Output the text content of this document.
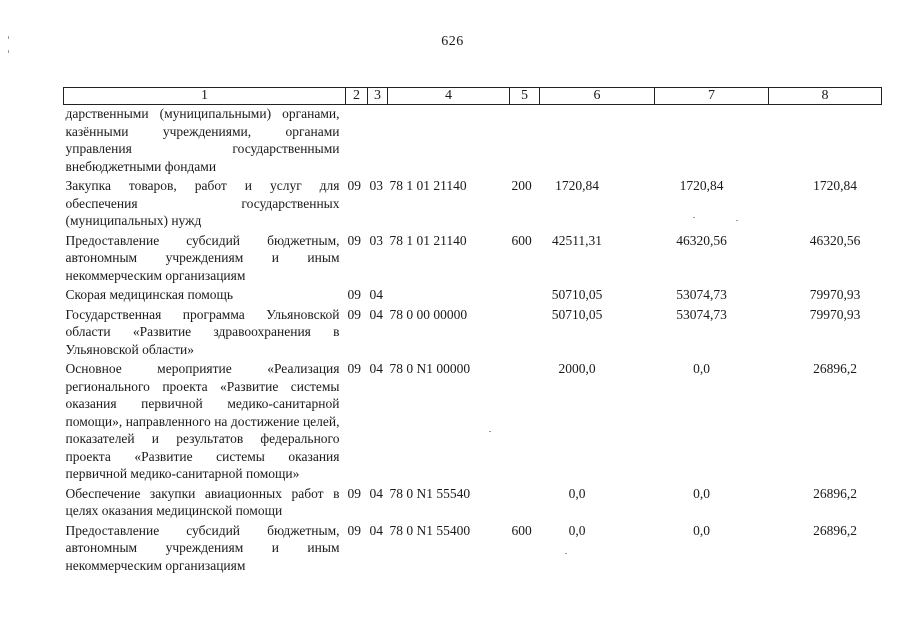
626
1	2	3	4	5	6	7	8
дарственными (муниципальными) органами, казёнными учреждениями, органами управления государственными внебюджетными фондами							
Закупка товаров, работ и услуг для обеспечения государственных (муниципальных) нужд	09	03	78 1 01 21140	200	1720,84	1720,84	1720,84
Предоставление субсидий бюджетным, автономным учреждениям и иным некоммерческим организациям	09	03	78 1 01 21140	600	42511,31	46320,56	46320,56
Скорая медицинская помощь	09	04			50710,05	53074,73	79970,93
Государственная программа Ульяновской области «Развитие здравоохранения в Ульяновской области»	09	04	78 0 00 00000		50710,05	53074,73	79970,93
Основное мероприятие «Реализация регионального проекта «Развитие системы оказания первичной медико-санитарной помощи», направленного на достижение целей, показателей и результатов федерального проекта «Развитие системы оказания первичной медико-санитарной помощи»	09	04	78 0 N1 00000		2000,0	0,0	26896,2
Обеспечение закупки авиационных работ в целях оказания медицинской помощи	09	04	78 0 N1 55540		0,0	0,0	26896,2
Предоставление субсидий бюджетным, автономным учреждениям и иным некоммерческим организациям	09	04	78 0 N1 55400	600	0,0	0,0	26896,2
